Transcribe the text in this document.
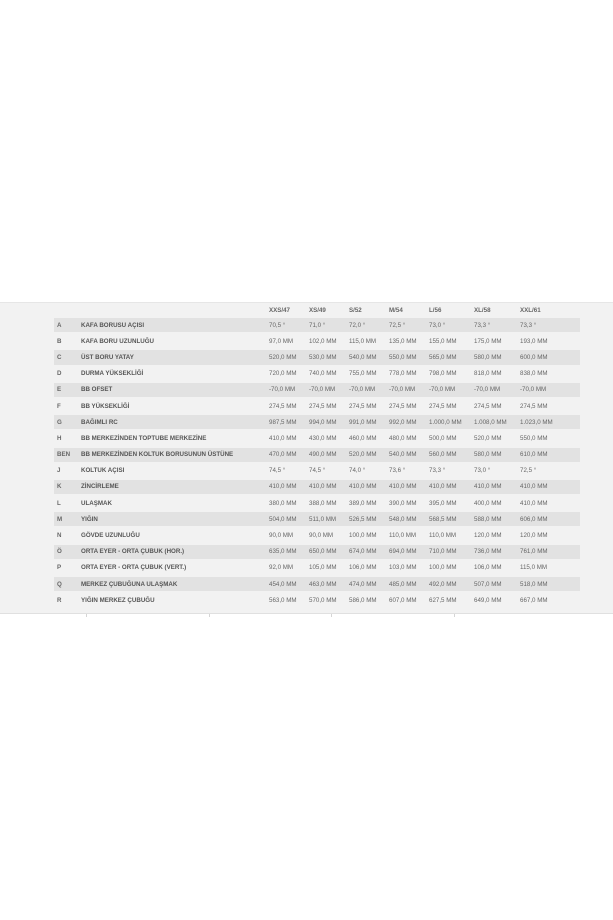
		XXS/47	XS/49	S/52	M/54	L/56	XL/58	XXL/61
A	KAFA BORUSU AÇISI	70,5 °	71,0 °	72,0 °	72,5 °	73,0 °	73,3 °	73,3 °
B	KAFA BORU UZUNLUĞU	97,0 MM	102,0 MM	115,0 MM	135,0 MM	155,0 MM	175,0 MM	193,0 MM
C	ÜST BORU YATAY	520,0 MM	530,0 MM	540,0 MM	550,0 MM	565,0 MM	580,0 MM	600,0 MM
D	DURMA YÜKSEKLİĞİ	720,0 MM	740,0 MM	755,0 MM	778,0 MM	798,0 MM	818,0 MM	838,0 MM
E	BB OFSET	-70,0 MM	-70,0 MM	-70,0 MM	-70,0 MM	-70,0 MM	-70,0 MM	-70,0 MM
F	BB YÜKSEKLİĞİ	274,5 MM	274,5 MM	274,5 MM	274,5 MM	274,5 MM	274,5 MM	274,5 MM
G	BAĞIMLI RC	987,5 MM	994,0 MM	991,0 MM	992,0 MM	1.000,0 MM	1.008,0 MM	1.023,0 MM
H	BB MERKEZİNDEN TOPTUBE MERKEZİNE	410,0 MM	430,0 MM	460,0 MM	480,0 MM	500,0 MM	520,0 MM	550,0 MM
BEN	BB MERKEZİNDEN KOLTUK BORUSUNUN ÜSTÜNE	470,0 MM	490,0 MM	520,0 MM	540,0 MM	560,0 MM	580,0 MM	610,0 MM
J	KOLTUK AÇISI	74,5 °	74,5 °	74,0 °	73,6 °	73,3 °	73,0 °	72,5 °
K	ZİNCİRLEME	410,0 MM	410,0 MM	410,0 MM	410,0 MM	410,0 MM	410,0 MM	410,0 MM
L	ULAŞMAK	380,0 MM	388,0 MM	389,0 MM	390,0 MM	395,0 MM	400,0 MM	410,0 MM
M	YIĞIN	504,0 MM	511,0 MM	526,5 MM	548,0 MM	568,5 MM	588,0 MM	606,0 MM
N	GÖVDE UZUNLUĞU	90,0 MM	90,0 MM	100,0 MM	110,0 MM	110,0 MM	120,0 MM	120,0 MM
Ö	ORTA EYER - ORTA ÇUBUK (HOR.)	635,0 MM	650,0 MM	674,0 MM	694,0 MM	710,0 MM	736,0 MM	761,0 MM
P	ORTA EYER - ORTA ÇUBUK (VERT.)	92,0 MM	105,0 MM	106,0 MM	103,0 MM	100,0 MM	106,0 MM	115,0 MM
Q	MERKEZ ÇUBUĞUNA ULAŞMAK	454,0 MM	463,0 MM	474,0 MM	485,0 MM	492,0 MM	507,0 MM	518,0 MM
R	YIĞIN MERKEZ ÇUBUĞU	563,0 MM	570,0 MM	586,0 MM	607,0 MM	627,5 MM	649,0 MM	667,0 MM
